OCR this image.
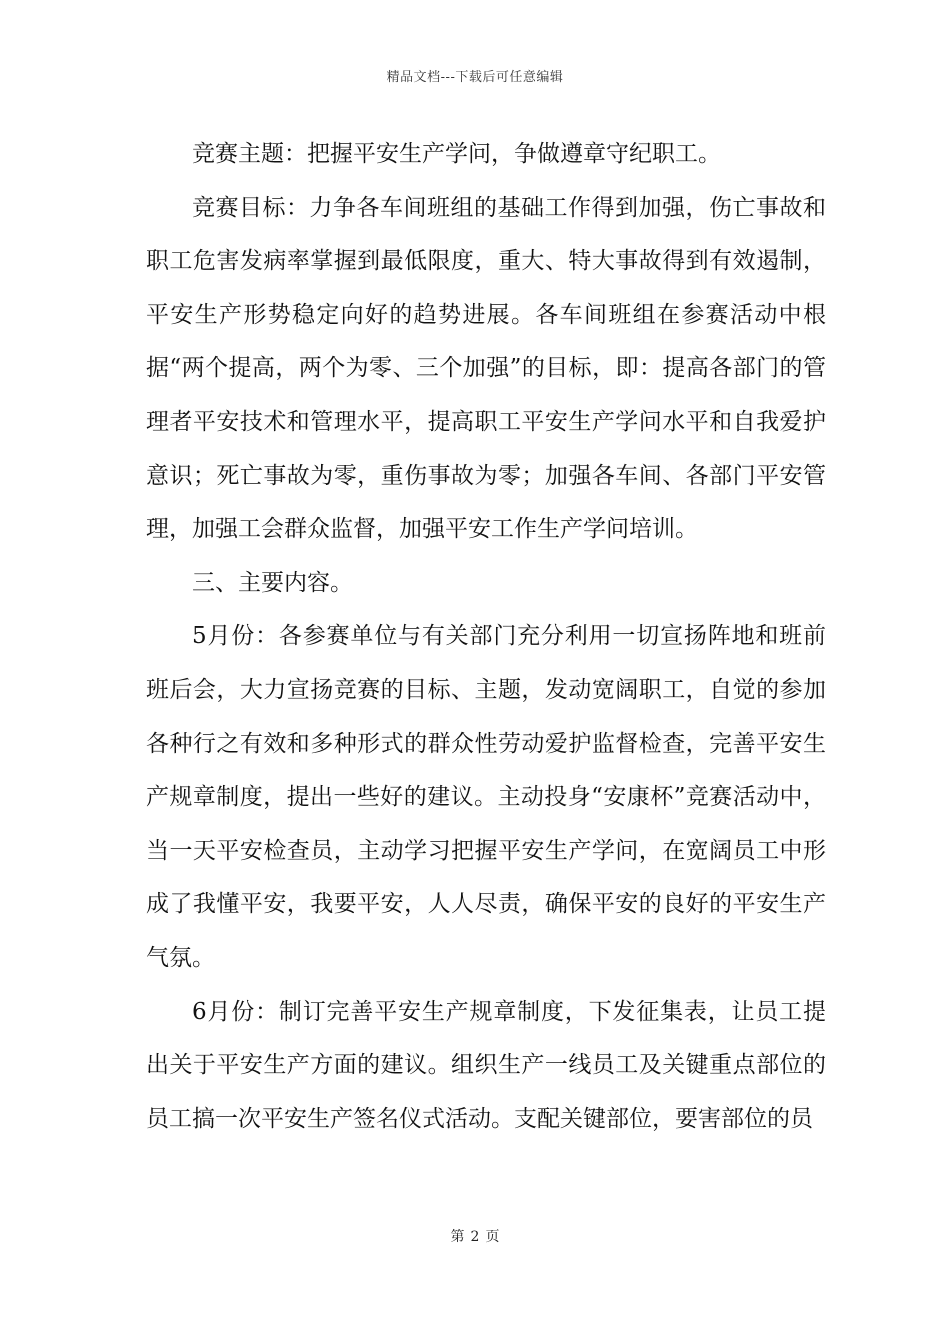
精品文档---下载后可任意编辑

竞赛主题：把握平安生产学问，争做遵章守纪职工。

竞赛目标：力争各车间班组的基础工作得到加强，伤亡事故和职工危害发病率掌握到最低限度，重大、特大事故得到有效遏制，平安生产形势稳定向好的趋势进展。各车间班组在参赛活动中根据“两个提高，两个为零、三个加强”的目标，即：提高各部门的管理者平安技术和管理水平，提高职工平安生产学问水平和自我爱护意识；死亡事故为零，重伤事故为零；加强各车间、各部门平安管理，加强工会群众监督，加强平安工作生产学问培训。

三、主要内容。

5月份：各参赛单位与有关部门充分利用一切宣扬阵地和班前班后会，大力宣扬竞赛的目标、主题，发动宽阔职工，自觉的参加各种行之有效和多种形式的群众性劳动爱护监督检查，完善平安生产规章制度，提出一些好的建议。主动投身“安康杯”竞赛活动中，当一天平安检查员，主动学习把握平安生产学问，在宽阔员工中形成了我懂平安，我要平安，人人尽责，确保平安的良好的平安生产气氛。

6月份：制订完善平安生产规章制度，下发征集表，让员工提出关于平安生产方面的建议。组织生产一线员工及关键重点部位的员工搞一次平安生产签名仪式活动。支配关键部位，要害部位的员

第 2 页
